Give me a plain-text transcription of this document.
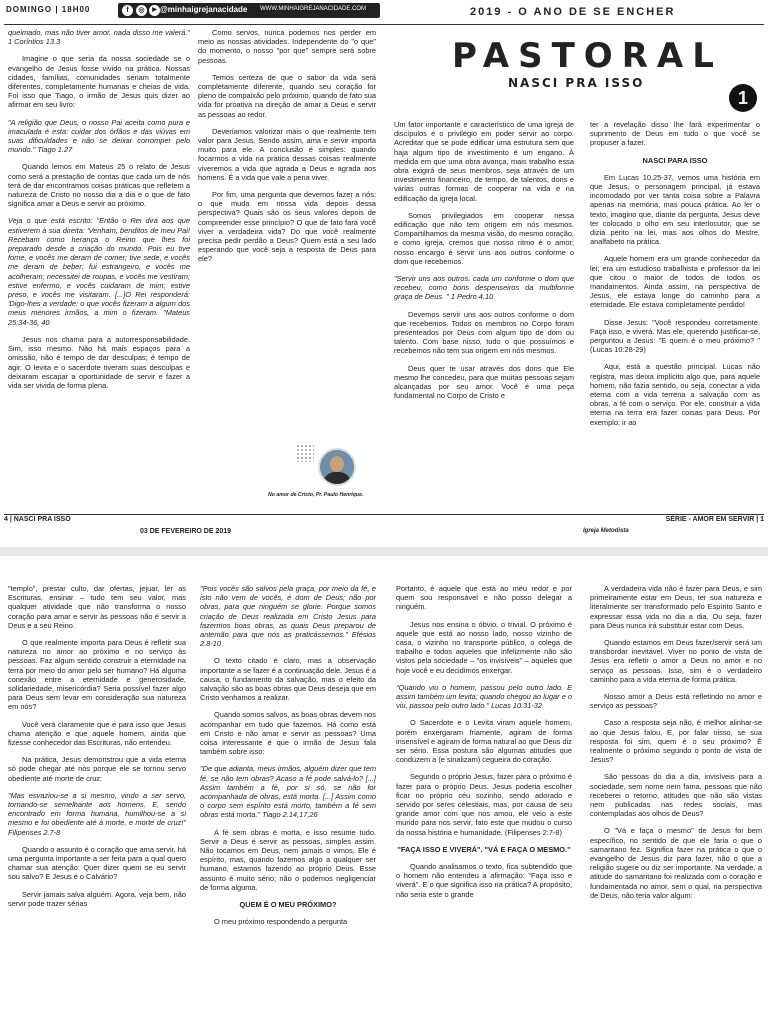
DOMINGO | 18H00	f	◎	▶ @minhaigrejanacidade WWW.MINHAIGREJANACIDADE.COM	2019 - O ANO DE SE ENCHER
PASTORAL
NASCI PRA ISSO
1

queimado, mas não tiver amor, nada disso me valerá." 1 Coríntios 13.3

Imagine o que seria da nossa sociedade se o evangelho de Jesus fosse vivido na prática. Nossas cidades, famílias, comunidades seriam totalmente diferentes, completamente humanas e cheias de vida. Foi isso que Tiago, o irmão de Jesus quis dizer ao afirmar em seu livro:

"A religião que Deus, o nosso Pai aceita como pura e imaculada é esta: cuidar dos órfãos e das viúvas em suas dificuldades e não se deixar corromper pelo mundo." Tiago 1.27

Quando lemos em Mateus 25 o relato de Jesus como será a prestação de contas que cada um de nós terá de dar encontramos coisas práticas que refletem a natureza de Cristo no nosso dia a dia e o que de fato significa amar a Deus e servir ao próximo.

Veja o que está escrito: "Então o Rei dirá aos que estiverem à sua direita: 'Venham, benditos de meu Pai! Recebam como herança o Reino que lhes foi preparado desde a criação do mundo. Pois eu tive fome, e vocês me deram de comer; tive sede, e vocês me deram de beber; fui estrangeiro, e vocês me acolheram; necessitei de roupas, e vocês me vestiram; estive enfermo, e vocês cuidaram de mim; estive preso, e vocês me visitaram. [...]O Rei responderá: 'Digo-lhes a verdade: o que vocês fizeram a algum dos meus menores irmãos, a mim o fizeram. "Mateus 25:34-36, 40

Jesus nos chama para a autorresponsabilidade. Sim, isso mesmo. Não há mais espaços para a omissão, não é tempo de dar desculpas; é tempo de agir. O levita e o sacerdote tiveram suas desculpas e deixaram escapar a oportunidade de servir e fazer a vida ser vivida de forma plena.

Como servos, nunca podemos nos perder em meio as nossas atividades. Independente do "o que" do momento, o nosso "por que" sempre será sobre pessoas.

Temos certeza de que o sabor da vida será completamente diferente, quando seu coração for pleno de compaixão pelo próximo, quando de fato sua vida for proativa na direção de amar a Deus e servir as pessoas ao redor.

Deveríamos valorizar mais o que realmente tem valor para Jesus. Sendo assim, ama e servir importa muito para ele. A conclusão é simples: quando focarmos a vida na prática dessas coisas realmente viveremos a vida que agrada a Deus e agrada aos homens. É a vida que vale a pena viver.

Por fim, uma pergunta que devemos fazer a nós: o que muda em nossa vida depois dessa perspectiva? Quais são os seus valores depois de compreender esse princípio? O que de fato fará você viver a verdadeira vida? Do que você realmente precisa pedir perdão a Deus? Quem está a seu lado esperando que você seja a resposta de Deus para ele?

Um fator importante e característico de uma igreja de discípulos é o privilégio em poder servir ao corpo. Acreditar que se pode edificar uma estrutura sem que haja algum tipo de investimento é um engano. À medida em que uma obra avança, mais trabalho essa obra exigirá de seus membros, seja através de um investimento financeiro, de tempo, de talentos, dons e várias outras formas de cooperar na vida e na edificação da igreja local.

Somos privilegiados em cooperar nessa edificação que não tem origem em nós mesmos. Compartilhamos da mesma visão, do mesmo coração, e como igreja, cremos que nosso ritmo é o amor; nosso encargo é servir uns aos outros conforme o dom que recebemos.

"Servir uns aos outros, cada um conforme o dom que recebeu, como bons despenseiros da multiforme graça de Deus. " 1 Pedro 4.10

Devemos servir uns aos outros conforme o dom que recebemos. Todos os membros no Corpo foram presenteados por Deus com algum tipo de dom ou talento. Com base nisso, tudo o que possuímos e recebemos não tem sua origem em nós mesmos.

Deus quer te usar através dos dons que Ele mesmo lhe concedeu, para que muitas pessoas sejam alcançadas por seu amor. Você é uma peça fundamental no Corpo de Cristo e

ter a revelação disso lhe fará experimentar o suprimento de Deus em tudo o que você se propuser a fazer.

NASCI PARA ISSO

Em Lucas 10.25-37, vemos uma história em que Jesus, o personagem principal, já estava incomodado por ver tanta coisa sobre a Palavra apenas na memória, mas pouca prática. Ao ler o texto, imagino que, diante da pergunta, Jesus deve ter colocado o olho em seu interlocutor, que se dizia perito na lei, mas aos olhos do Mestre, analfabeto na prática.

Aquele homem era um grande conhecedor da lei; era um estudioso trabalhista e professor da lei que citou o maior de todos de todos os mandamentos. Ainda assim, na perspectiva de Jesus, ele estava longe do caminho para a eternidade. Ele estava completamente perdido!

Disse Jesus: "Você respondeu corretamente. Faça isso, e viverá. Mas ele, querendo justificar-se, perguntou a Jesus: "E quem é o meu próximo? " (Lucas 10:28-29)

Aqui, está a questão principal. Lucas não registra, mas deixa implícito algo que, para aquele homem, não fazia sentido, ou seja, conectar a vida eterna com a vida terrena a salvação com as obras, a fé com o serviço. Por ele, construir a vida eterna na terra era fazer coisas para Deus. Por exemplo: ir ao

No amor de Cristo, Pr. Paulo Henrique.
4 | NASCI PRA ISSO	SÉRIE - AMOR EM SERVIR | 1
03 DE FEVEREIRO DE 2019	Igreja Metodista

"templo", prestar culto, dar ofertas, jejuar, ler as Escrituras, ensinar – tudo tem seu valor, mas qualquer atividade que não transforma o nosso coração para amar e servir às pessoas não é servir a Deus e a seu Reino.

O que realmente importa para Deus é refletir sua natureza no amor ao próximo e no serviço às pessoas. Faz algum sentido construir a eternidade na terra por meio do amor pelo ser humano? Há alguma conexão entre a eternidade e generosidade, solidariedade, misericórdia? Seria possível fazer algo para Deus sem levar em consideração sua natureza em nós?

Você verá claramente que é para isso que Jesus chama atenção e que aquele homem, ainda que fizesse conhecedor das Escrituras, não entendeu.

Na prática, Jesus demonstrou que a vida eterna só pode chegar até nós porque ele se tornou servo obediente até morte de cruz:

"Mas esvaziou-se a si mesmo, vindo a ser servo, tornando-se semelhante aos homens. E, sendo encontrado em forma humana, humilhou-se a si mesmo e foi obediente até à morte, e morte de cruz!" Filipenses 2.7-8

Quando o assunto é o coração que ama servir, há uma pergunta importante a ser feita para a qual quero chamar sua atenção: Quer dizer quem se eu servir sou salvo? E Jesus é o Calvário?

Servir jamais salva alguém. Agora, veja bem, não servir pode trazer sérias

"Pois vocês são salvos pela graça, por meio da fé, e isto não vem de vocês, é dom de Deus; não por obras, para que ninguém se glorie. Porque somos criação de Deus realizada em Cristo Jesus para fazermos boas obras, as quais Deus preparou de antemão para que nós as praticássemos." Efésios 2.8-10

O texto citado é claro, mas a observação importante a se fazer é a continuação dele. Jesus é a causa, o fundamento da salvação, mas o efeito da salvação são as boas obras que Deus deseja que em Cristo venhamos a realizar.

Quando somos salvos, as boas obras devem nos acompanhar em tudo que fazemos. Há como está em Cristo e não amar e servir as pessoas? Uma coisa interessante é que o irmão de Jesus fala também sobre isso:

"De que adianta, meus irmãos, alguém dizer que tem fé, se não tem obras? Acaso a fé pode salvá-lo? [...] Assim também a fé, por si só, se não for acompanhada de obras, está morta. [...] Assim como o corpo sem espírito está morto, também a fé sem obras está morta." Tiago 2.14,17,26

A fé sem obras é morta, e isso resume tudo. Servir a Deus é servir as pessoas, simples assim. Não tocamos em Deus, nem jamais o vimos, Ele é espírito, mas, quando fazemos algo a qualquer ser humano, estamos fazendo ao próprio Deus. Esse assunto é muito sério; não o podemos negligenciar de forma alguma.

QUEM É O MEU PRÓXIMO?

O meu próximo respondendo a pergunta

Portanto, é aquele que está ao meu redor e por quem sou responsável e não posso delegar a ninguém.

Jesus nos ensina o óbvio, o trivial. O próximo é aquele que está ao nosso lado, nosso vizinho de casa, o vizinho no transporte público, o colega de trabalho e todos aqueles que infelizmente não são vistos pela sociedade – "os invisíveis" – aqueles que hoje você e eu decidimos enxergar.

"Quando viu o homem, passou pelo outro lado. E assim também um levita; quando chegou ao lugar e o viu, passou pelo outro lado." Lucas 10.31-32

O Sacerdote e o Levita viram aquele homem, porém enxergaram friamente, agiram de forma insensível e agiram de forma natural ao que Deus diz ser sério. Essa postura são algumas atitudes que conduzem a (e sinalizam) cegueira do coração.

Segundo o próprio Jesus, fazer para o próximo é fazer para o próprio Deus. Jesus poderia escolher ficar no próprio céu sozinho, sendo adorado e servido por seres celestiais, mas, por causa de seu grande amor com que nos amou, ele veio a este mundo para nos servir, fato este que mudou o curso da nossa história e humanidade. (Filipenses 2:7-8)

"FAÇA ISSO E VIVERÁ". "VÁ E FAÇA O MESMO."

Quando analisamos o texto, fica subtendido que o homem não entendeu a afirmação: "Faça isso e viverá". E o que significa isso na prática? A propósito, não seria este o grande

A verdadeira vida não é fazer para Deus, e sim primeiramente estar em Deus, ter sua natureza e literalmente ser transformado pelo Espírito Santo e expressar essa vida no dia a dia. Ou seja, fazer para Deus nunca irá substituir estar com Deus.

Quando estamos em Deus fazer/servir será um transbordar inevitável. Viver no ponto de vista de Jesus era refletir o amor a Deus no amor e no serviço as pessoas. Isso, sim é o verdadeiro caminho para a vida eterna de forma prática.

Nosso amor a Deus está refletindo no amor e serviço as pessoas?

Caso a resposta seja não, é melhor alinhar-se ao que Jesus falou, E, por falar nisso, se sua resposta foi sim, quem é o seu próximo? É realmente o próximo segundo o ponto de vista de Jesus?

São pessoas do dia a dia, invisíveis para a sociedade, sem nome nem fama, pessoas que não receberei o retorno, atitudes que não são vistas nem publicadas nas redes sociais, mas contempladas aos olhos de Deus?

O "Vá e faça o mesmo" de Jesus foi bem específico, no sentido de que ele faria o que o samaritano fez. Significa fazer na prática o que o evangelho de Jesus diz para fazer, não o que a religião sugere ou diz ser importante. Na verdade, a atitude do samaritano foi realizada com o coração e fundamentada no amor, sem o qual, na perspectiva de Deus, não teria valor algum:
